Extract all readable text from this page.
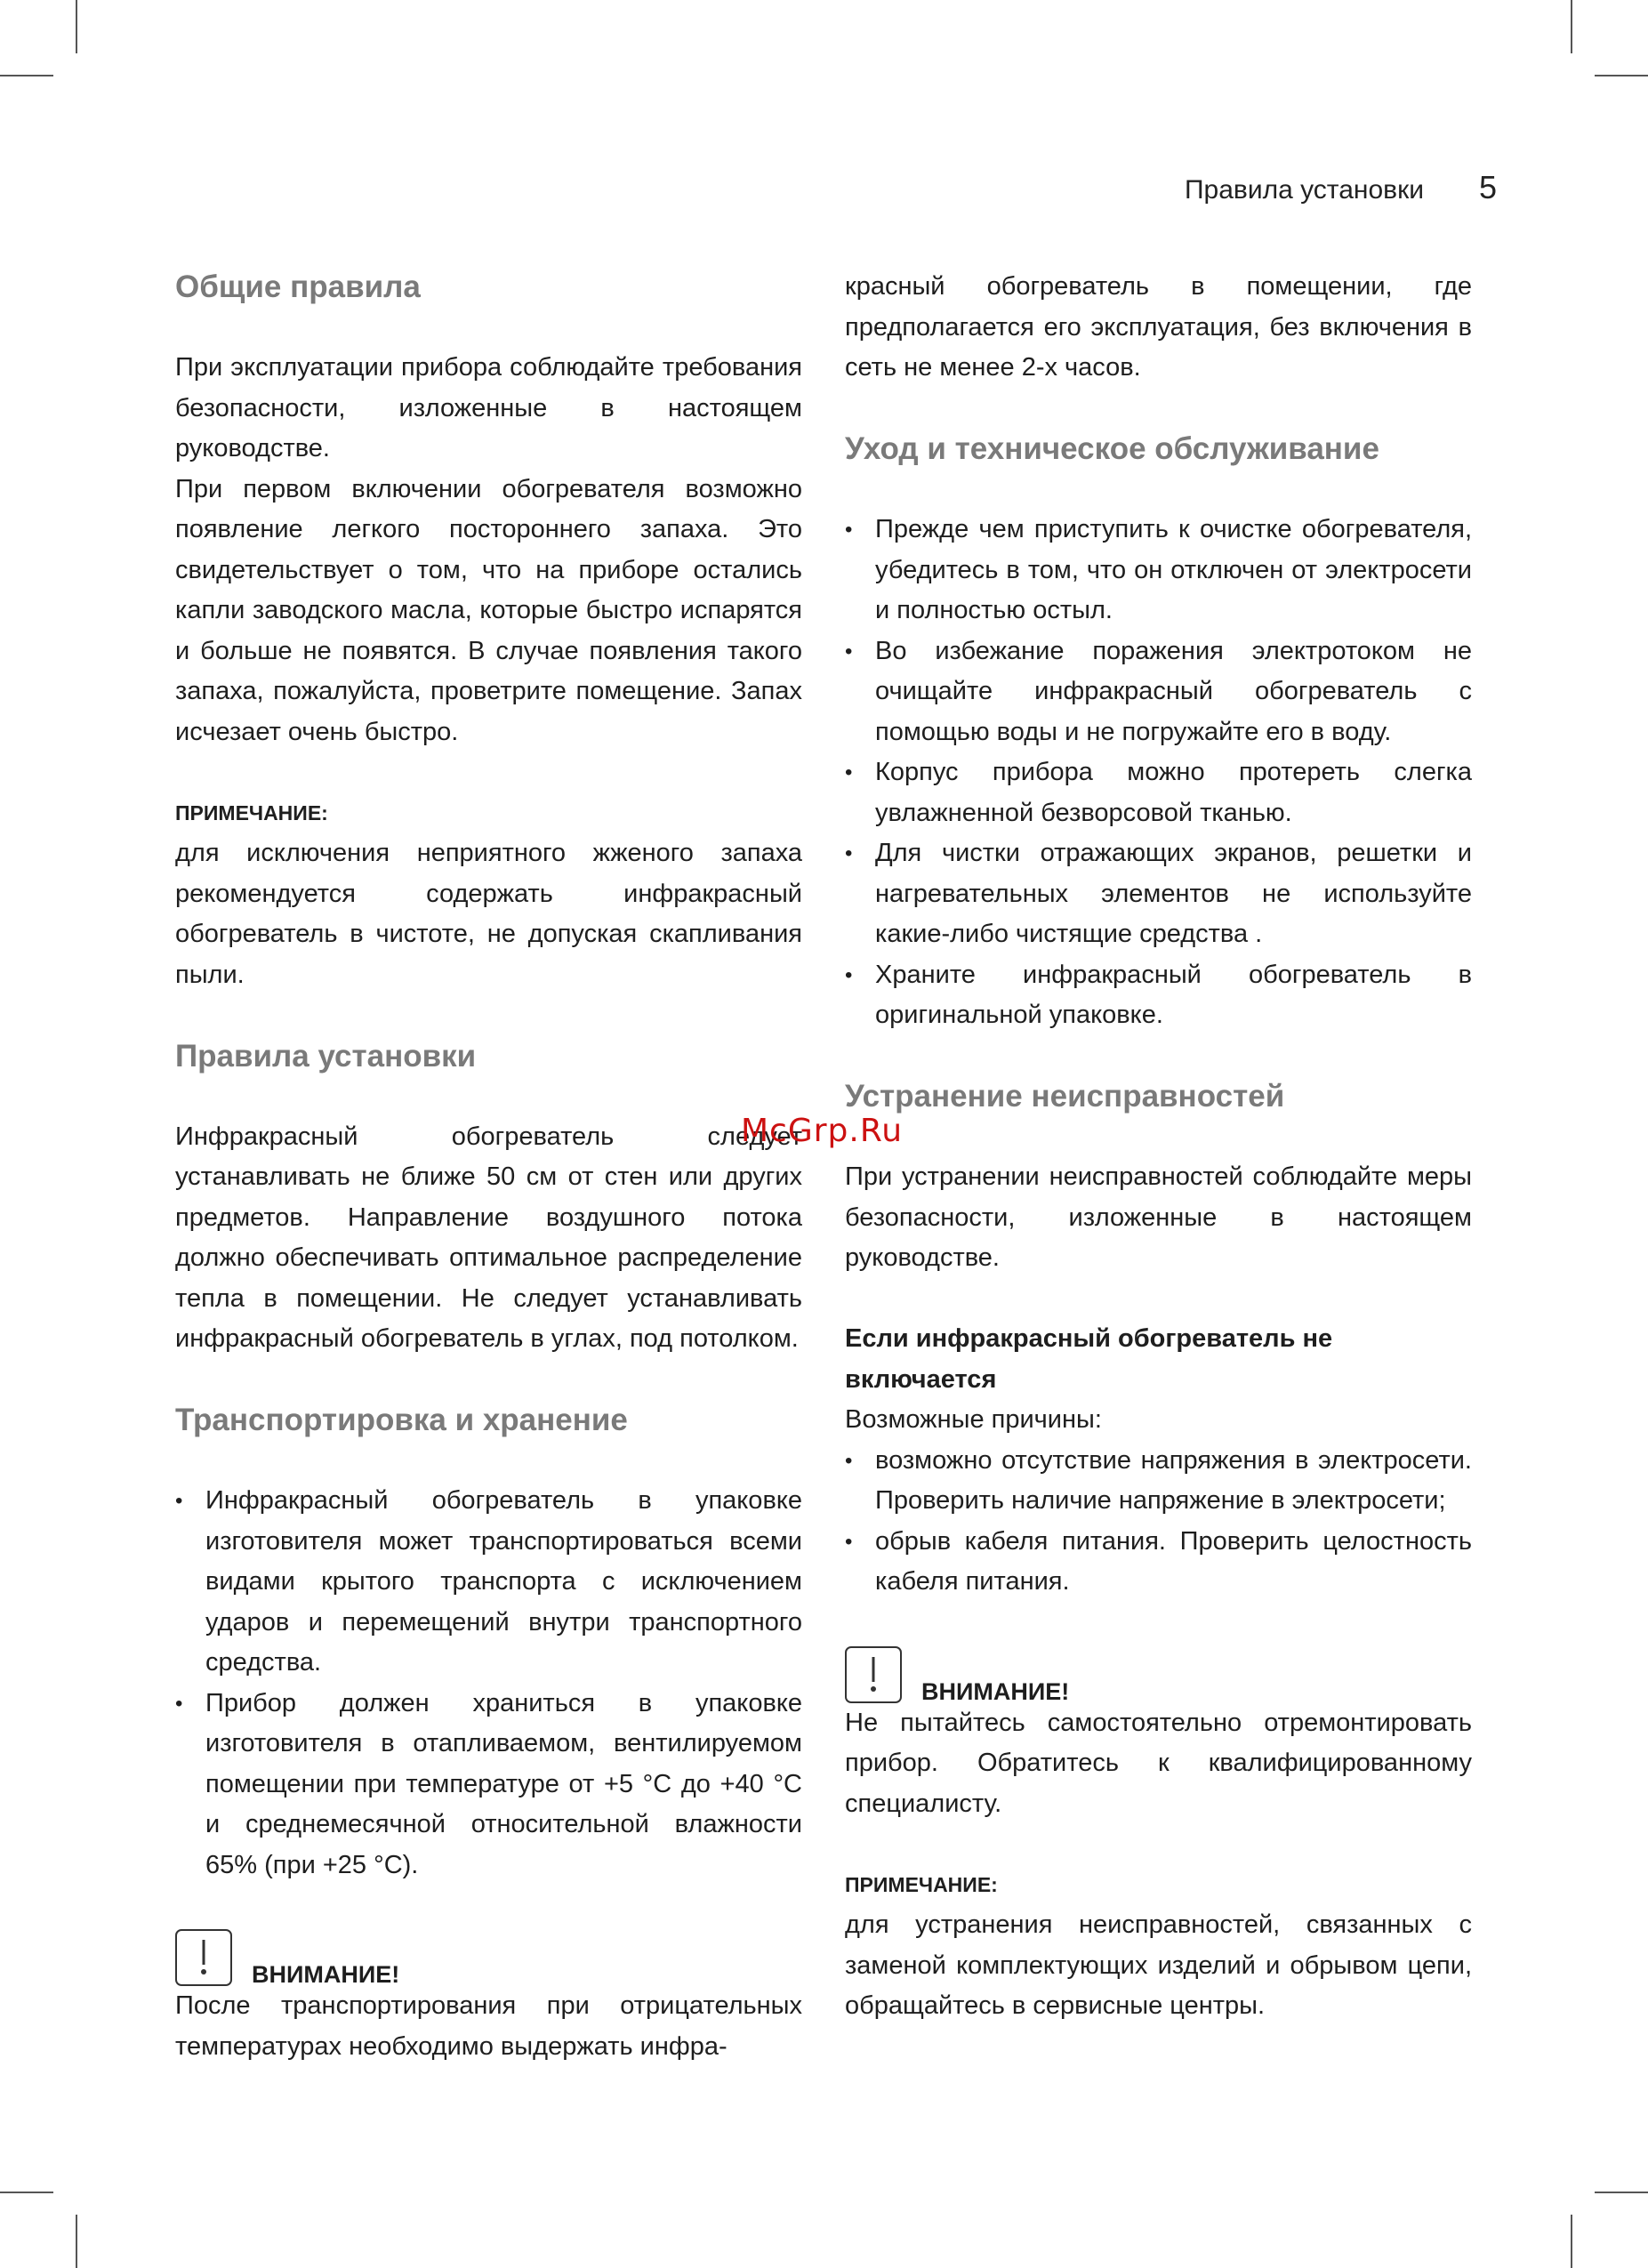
Правила установки 5
Общие правила

При эксплуатации прибора соблюдайте требования безопасности, изложенные в настоящем руководстве.

При первом включении обогревателя возможно появление легкого постороннего запаха. Это свидетельствует о том, что на приборе остались капли заводского масла, которые быстро испарятся и больше не появятся. В случае появления такого запаха, пожалуйста, проветрите помещение. Запах исчезает очень быстро.

ПРИМЕЧАНИЕ:

для исключения неприятного жженого запаха рекомендуется содержать инфракрасный обогреватель в чистоте, не допуская скапливания пыли.

Правила установки

Инфракрасный обогреватель следует устанавливать не ближе 50 см от стен или других предметов. Направление воздушного потока должно обеспечивать оптимальное распределение тепла в помещении. Не следует устанавливать инфракрасный обогреватель в углах, под потолком.

Транспортировка и хранение
• Инфракрасный обогреватель в упаковке изготовителя может транспортироваться всеми видами крытого транспорта с исключением ударов и перемещений внутри транспортного средства.
• Прибор должен храниться в упаковке изготовителя в отапливаемом, вентилируемом помещении при температуре от +5 °С до +40 °С и среднемесячной относительной влажности 65% (при +25 °С).
ВНИМАНИЕ!

После транспортирования при отрицательных температурах необходимо выдержать инфра-

красный обогреватель в помещении, где предполагается его эксплуатация, без включения в сеть не менее 2-х часов.

Уход и техническое обслуживание
• Прежде чем приступить к очистке обогревателя, убедитесь в том, что он отключен от электросети и полностью остыл.
• Во избежание поражения электротоком не очищайте инфракрасный обогреватель с помощью воды и не погружайте его в воду.
• Корпус прибора можно протереть слегка увлажненной безворсовой тканью.
• Для чистки отражающих экранов, решетки и нагревательных элементов не используйте какие-либо чистящие средства .
• Храните инфракрасный обогреватель в оригинальной упаковке.
Устранение неисправностей

При устранении неисправностей соблюдайте меры безопасности, изложенные в настоящем руководстве.

Если инфракрасный обогреватель не включается

Возможные причины:

• возможно отсутствие напряжения в электросети. Проверить наличие напряжение в электросети;
• обрыв кабеля питания. Проверить целостность кабеля питания.
ВНИМАНИЕ!

Не пытайтесь самостоятельно отремонтировать прибор. Обратитесь к квалифицированному специалисту.

ПРИМЕЧАНИЕ:

для устранения неисправностей, связанных с заменой комплектующих изделий и обрывом цепи, обращайтесь в сервисные центры.

McGrp.Ru
